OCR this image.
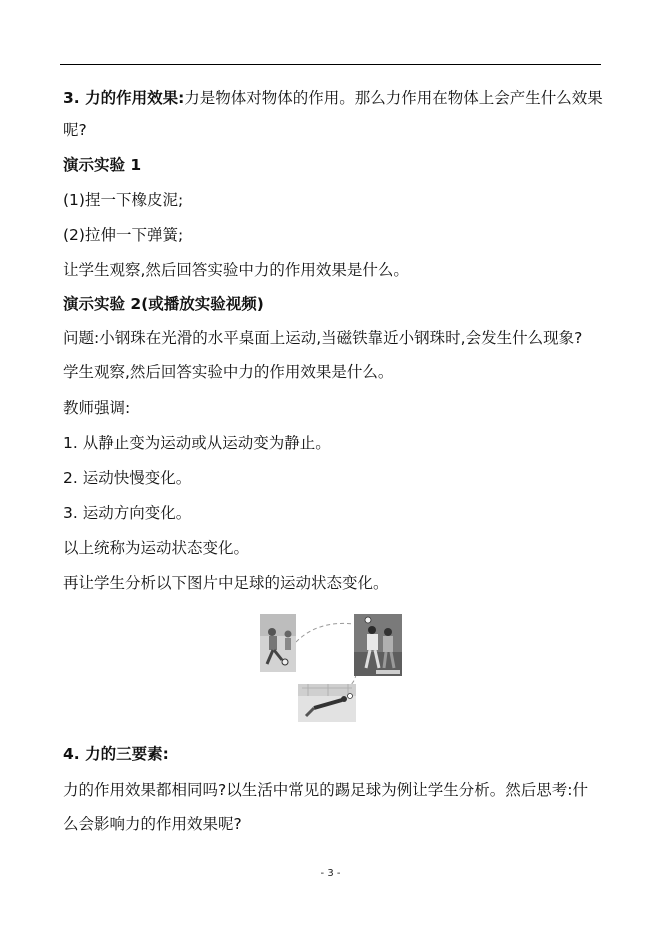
3. 力的作用效果:力是物体对物体的作用。那么力作用在物体上会产生什么效果
呢?
演示实验 1
(1)捏一下橡皮泥;
(2)拉伸一下弹簧;
让学生观察,然后回答实验中力的作用效果是什么。
演示实验 2(或播放实验视频)
问题:小钢珠在光滑的水平桌面上运动,当磁铁靠近小钢珠时,会发生什么现象?
学生观察,然后回答实验中力的作用效果是什么。
教师强调:
1. 从静止变为运动或从运动变为静止。
2. 运动快慢变化。
3. 运动方向变化。
以上统称为运动状态变化。
再让学生分析以下图片中足球的运动状态变化。
4. 力的三要素:
力的作用效果都相同吗?以生活中常见的踢足球为例让学生分析。然后思考:什
么会影响力的作用效果呢?
- 3 -
